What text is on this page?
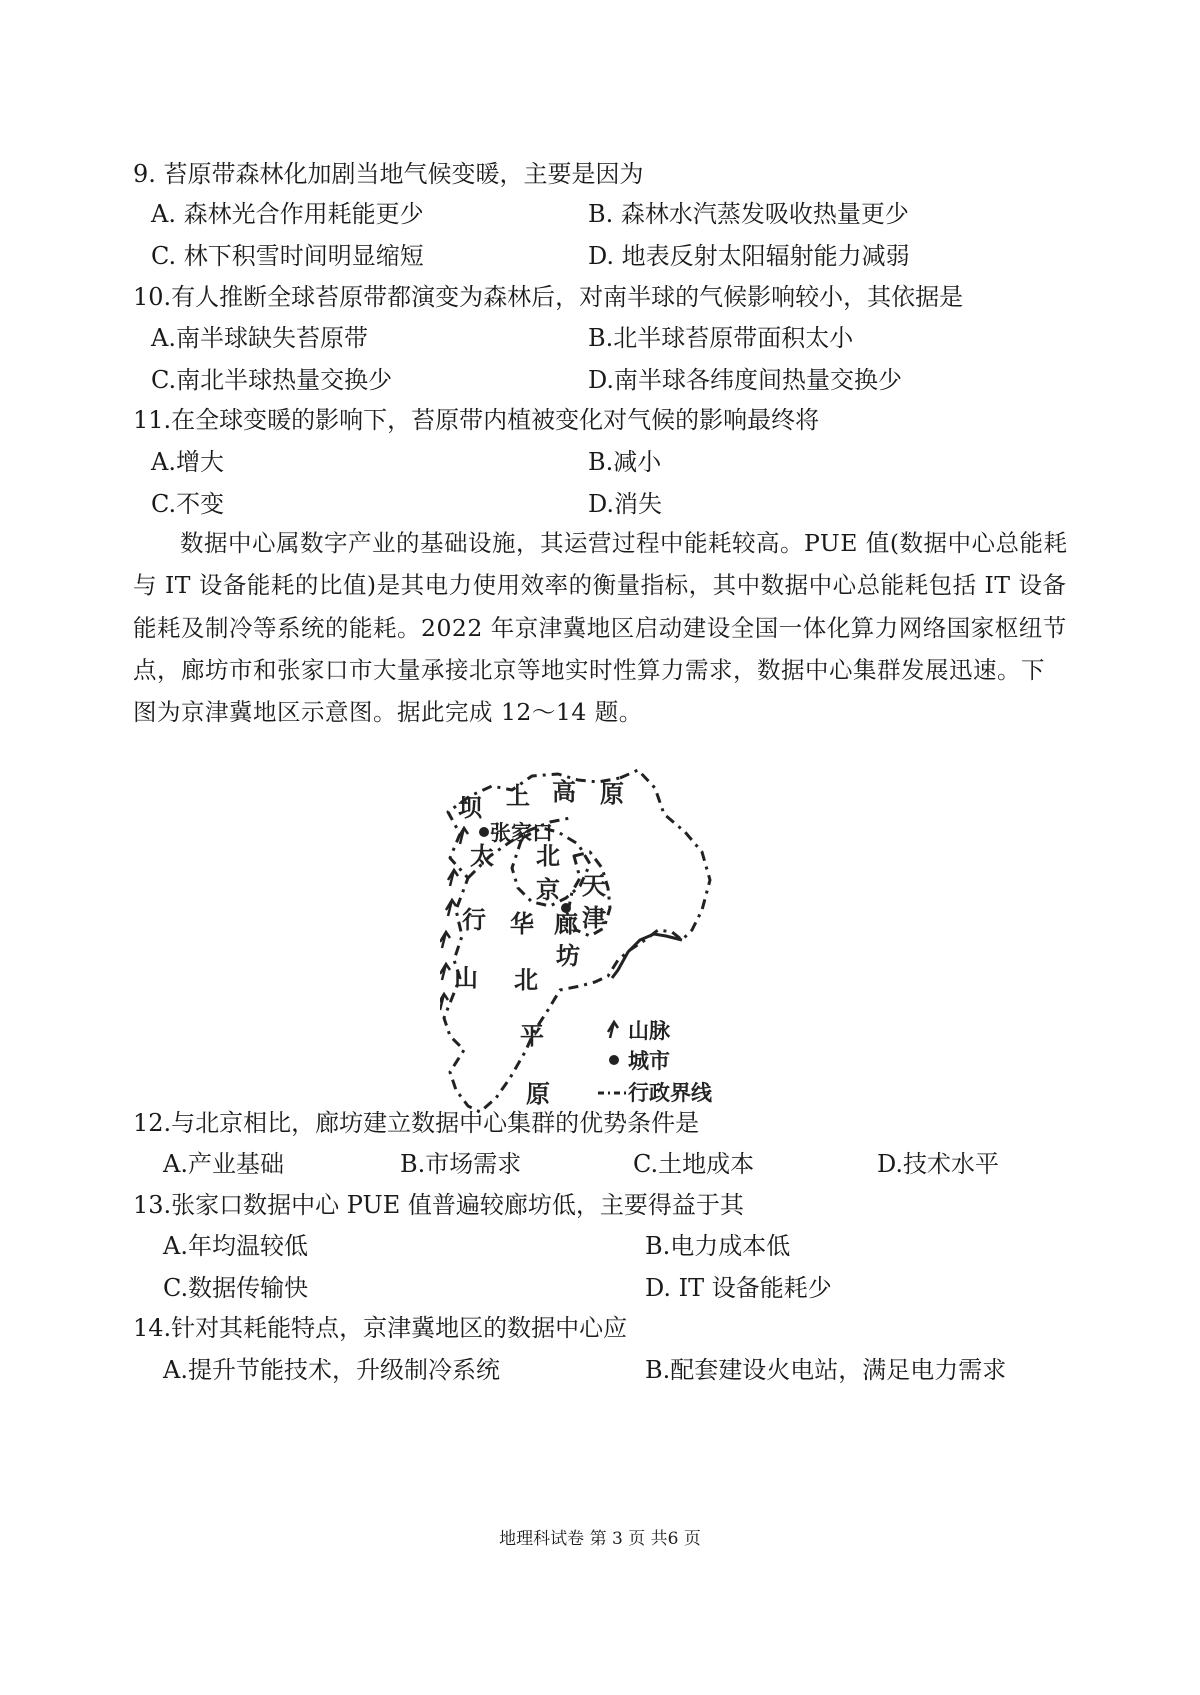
9. 苔原带森林化加剧当地气候变暖，主要是因为
A. 森林光合作用耗能更少	B. 森林水汽蒸发吸收热量更少
C. 林下积雪时间明显缩短	D. 地表反射太阳辐射能力减弱
10.有人推断全球苔原带都演变为森林后，对南半球的气候影响较小，其依据是
A.南半球缺失苔原带	B.北半球苔原带面积太小
C.南北半球热量交换少	D.南半球各纬度间热量交换少
11.在全球变暖的影响下，苔原带内植被变化对气候的影响最终将
A.增大	B.减小
C.不变	D.消失
数据中心属数字产业的基础设施，其运营过程中能耗较高。PUE 值(数据中心总能耗
与 IT 设备能耗的比值)是其电力使用效率的衡量指标，其中数据中心总能耗包括 IT 设备
能耗及制冷等系统的能耗。2022 年京津冀地区启动建设全国一体化算力网络国家枢纽节
点，廊坊市和张家口市大量承接北京等地实时性算力需求，数据中心集群发展迅速。下
图为京津冀地区示意图。据此完成 12～14 题。
坝 上 高 原
张家口
北
京 天
津
廊
坊
太
行
山
华
北
平
原
山脉
城市
行政界线
12.与北京相比，廊坊建立数据中心集群的优势条件是
A.产业基础	B.市场需求	C.土地成本	D.技术水平
13.张家口数据中心 PUE 值普遍较廊坊低，主要得益于其
A.年均温较低	B.电力成本低
C.数据传输快	D. IT 设备能耗少
14.针对其耗能特点，京津冀地区的数据中心应
A.提升节能技术，升级制冷系统	B.配套建设火电站，满足电力需求
地理科试卷 第 3 页 共6 页
